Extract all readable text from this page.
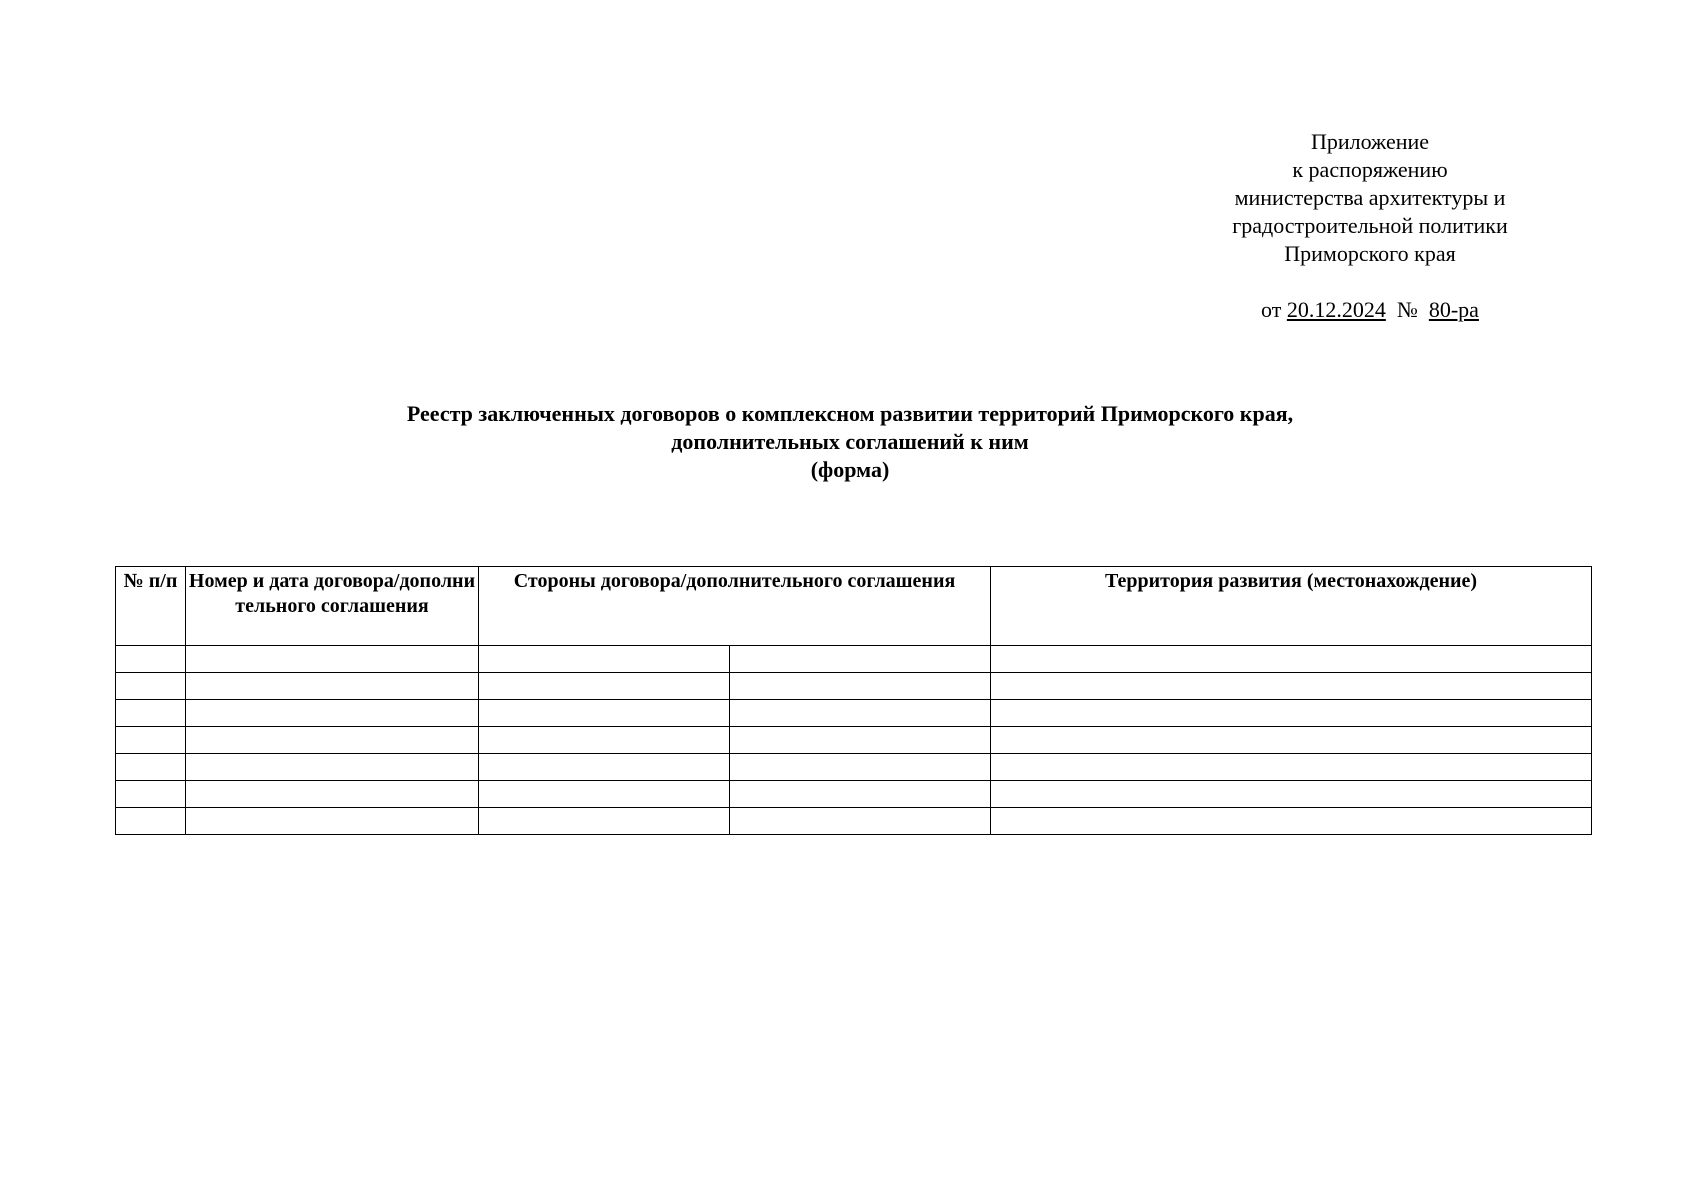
Приложение
к распоряжению
министерства архитектуры и
градостроительной политики
Приморского края
от 20.12.2024 № 80-ра
Реестр заключенных договоров о комплексном развитии территорий Приморского края,
дополнительных соглашений к ним
(форма)
№ п/п	Номер и дата договора/дополнительного соглашения	Стороны договора/дополнительного соглашения		Территория развития (местонахождение)
